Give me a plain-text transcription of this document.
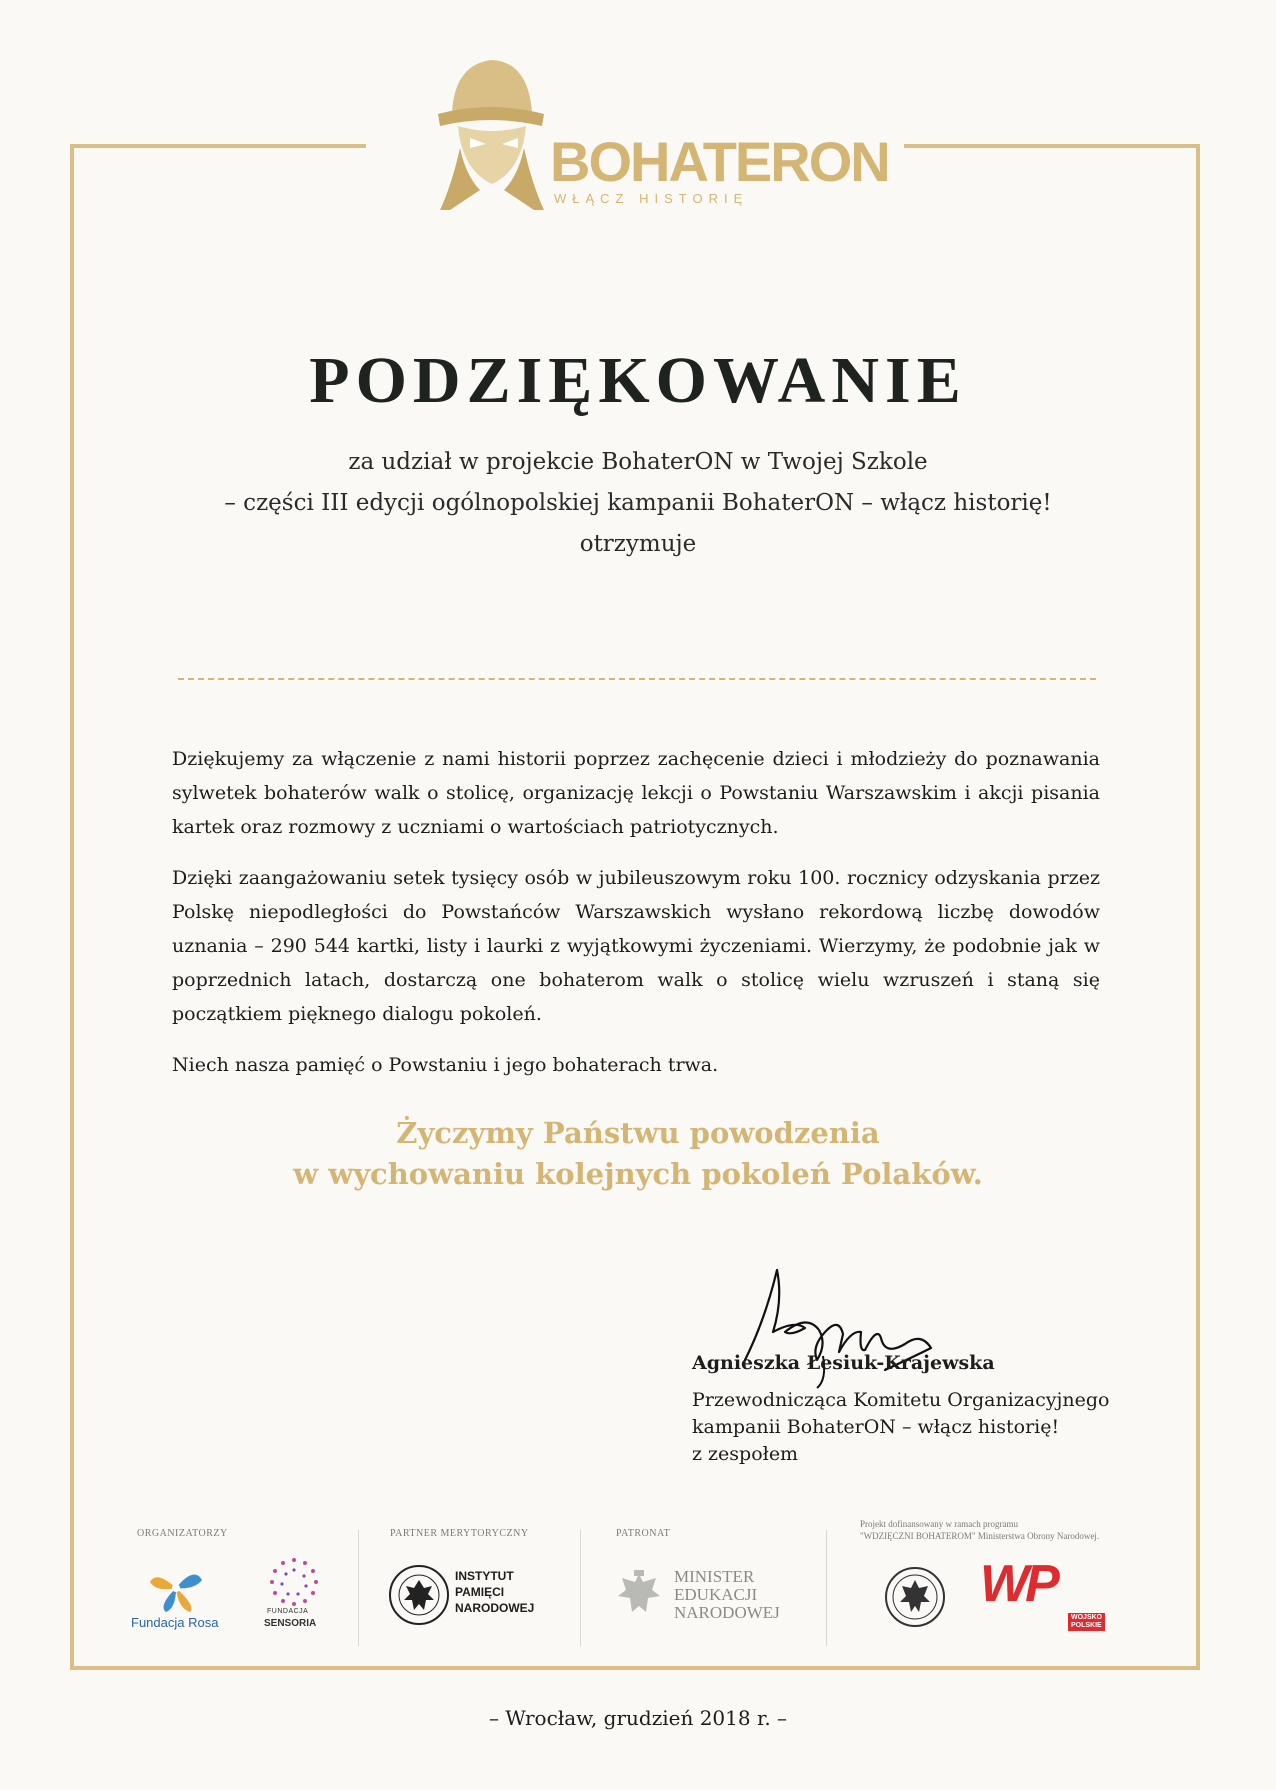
BOHATERON
WŁĄCZ HISTORIĘ
PODZIĘKOWANIE
za udział w projekcie BohaterON w Twojej Szkole
– części III edycji ogólnopolskiej kampanii BohaterON – włącz historię!
otrzymuje

Dziękujemy za włączenie z nami historii poprzez zachęcenie dzieci i młodzieży do poznawania sylwetek bohaterów walk o stolicę, organizację lekcji o Powstaniu Warszawskim i akcji pisania kartek oraz rozmowy z uczniami o wartościach patriotycznych.

Dzięki zaangażowaniu setek tysięcy osób w jubileuszowym roku 100. rocznicy odzyskania przez Polskę niepodległości do Powstańców Warszawskich wysłano rekordową liczbę dowodów uznania – 290 544 kartki, listy i laurki z wyjątkowymi życzeniami. Wierzymy, że podobnie jak w poprzednich latach, dostarczą one bohaterom walk o stolicę wielu wzruszeń i staną się początkiem pięknego dialogu pokoleń.

Niech nasza pamięć o Powstaniu i jego bohaterach trwa.

Życzymy Państwu powodzenia
w wychowaniu kolejnych pokoleń Polaków.
Agnieszka Łesiuk-Krajewska
Przewodnicząca Komitetu Organizacyjnego
kampanii BohaterON – włącz historię!
z zespołem
ORGANIZATORZY
Fundacja Rosa
FUNDACJA
SENSORIA
PARTNER MERYTORYCZNY
INSTYTUT
PAMIĘCI
NARODOWEJ
PATRONAT
MINISTER
EDUKACJI
NARODOWEJ
Projekt dofinansowany w ramach programu
"WDZIĘCZNI BOHATEROM" Ministerstwa Obrony Narodowej.
WP
WOJSKO
POLSKIE
– Wrocław, grudzień 2018 r. –
